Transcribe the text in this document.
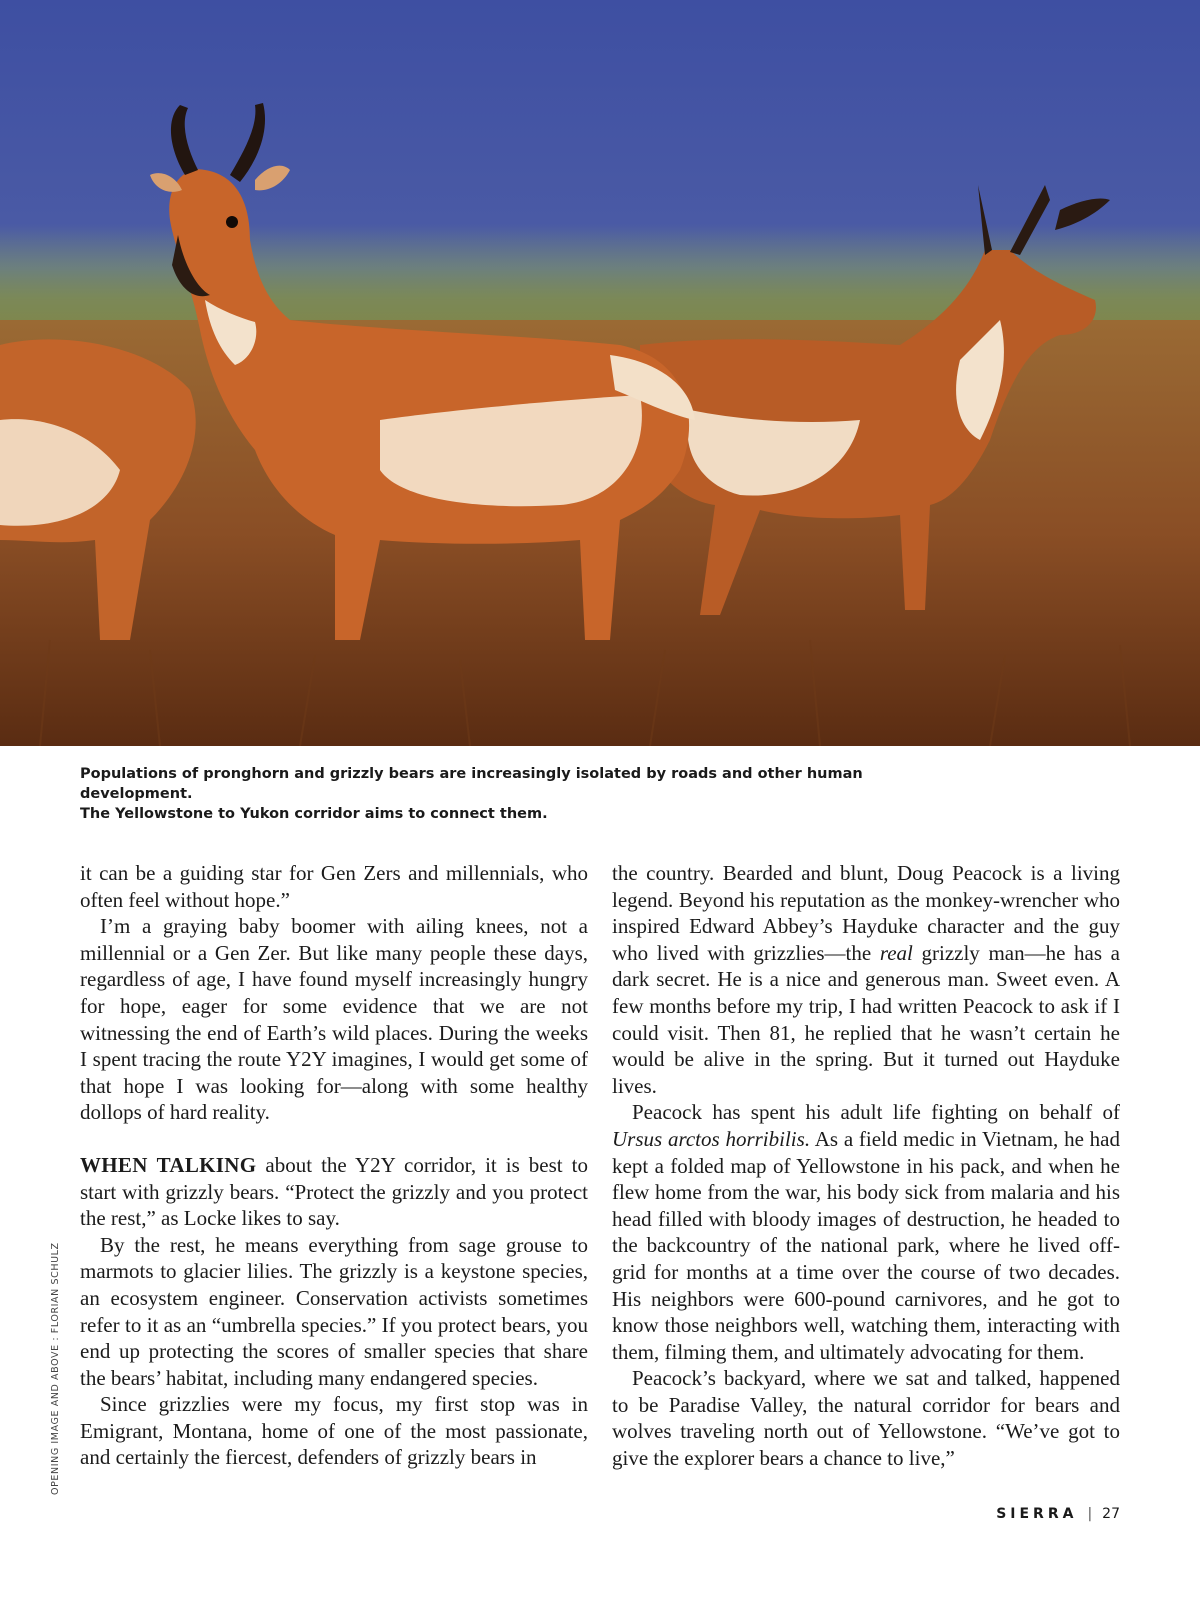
Populations of pronghorn and grizzly bears are increasingly isolated by roads and other human development.

The Yellowstone to Yukon corridor aims to connect them.

it can be a guiding star for Gen Zers and millennials, who often feel without hope.”

I’m a graying baby boomer with ailing knees, not a millennial or a Gen Zer. But like many people these days, regardless of age, I have found myself increasingly hungry for hope, eager for some evidence that we are not witnessing the end of Earth’s wild places. During the weeks I spent tracing the route Y2Y imagines, I would get some of that hope I was looking for—along with some healthy dollops of hard reality.

WHEN TALKING about the Y2Y corridor, it is best to start with grizzly bears. “Protect the grizzly and you protect the rest,” as Locke likes to say.

By the rest, he means everything from sage grouse to marmots to glacier lilies. The grizzly is a keystone species, an ecosystem engineer. Conservation activists sometimes refer to it as an “umbrella species.” If you protect bears, you end up protecting the scores of smaller species that share the bears’ habitat, including many endangered species.

Since grizzlies were my focus, my first stop was in Emigrant, Montana, home of one of the most passionate, and certainly the fiercest, defenders of grizzly bears in

the country. Bearded and blunt, Doug Peacock is a living legend. Beyond his reputation as the monkey-wrencher who inspired Edward Abbey’s Hayduke character and the guy who lived with grizzlies—the real grizzly man—he has a dark secret. He is a nice and generous man. Sweet even. A few months before my trip, I had written Peacock to ask if I could visit. Then 81, he replied that he wasn’t certain he would be alive in the spring. But it turned out Hayduke lives.

Peacock has spent his adult life fighting on behalf of Ursus arctos horribilis. As a field medic in Vietnam, he had kept a folded map of Yellowstone in his pack, and when he flew home from the war, his body sick from malaria and his head filled with bloody images of destruction, he headed to the backcountry of the national park, where he lived off-grid for months at a time over the course of two decades. His neighbors were 600-pound carnivores, and he got to know those neighbors well, watching them, interacting with them, filming them, and ultimately advocating for them.

Peacock’s backyard, where we sat and talked, happened to be Paradise Valley, the natural corridor for bears and wolves traveling north out of Yellowstone. “We’ve got to give the explorer bears a chance to live,”

OPENING IMAGE AND ABOVE : FLORIAN SCHULZ
SIERRA | 27
